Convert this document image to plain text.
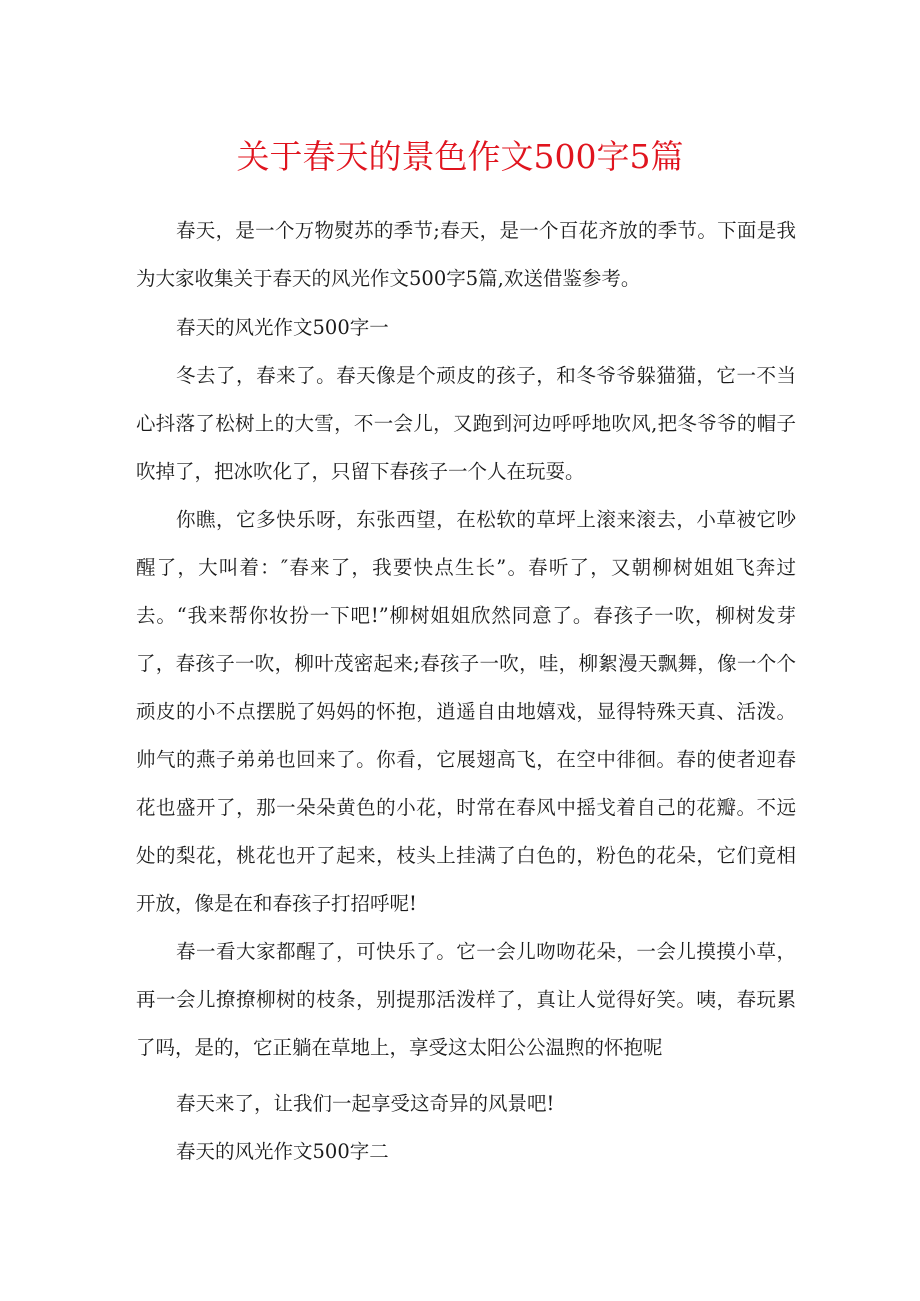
关于春天的景色作文500字5篇

春天，是一个万物熨苏的季节;春天，是一个百花齐放的季节。下面是我为大家收集关于春天的风光作文500字5篇,欢送借鉴参考。

春天的风光作文500字一

冬去了，春来了。春天像是个顽皮的孩子，和冬爷爷躲猫猫，它一不当心抖落了松树上的大雪，不一会儿，又跑到河边呼呼地吹风,把冬爷爷的帽子吹掉了，把冰吹化了，只留下春孩子一个人在玩耍。

你瞧，它多快乐呀，东张西望，在松软的草坪上滚来滚去，小草被它吵醒了，大叫着：″春来了，我要快点生长”。春听了，又朝柳树姐姐飞奔过去。“我来帮你妆扮一下吧!”柳树姐姐欣然同意了。春孩子一吹，柳树发芽了，春孩子一吹，柳叶茂密起来;春孩子一吹，哇，柳絮漫天飘舞，像一个个顽皮的小不点摆脱了妈妈的怀抱，逍遥自由地嬉戏，显得特殊天真、活泼。帅气的燕子弟弟也回来了。你看，它展翅高飞，在空中徘徊。春的使者迎春花也盛开了，那一朵朵黄色的小花，时常在春风中摇戈着自己的花瓣。不远处的梨花，桃花也开了起来，枝头上挂满了白色的，粉色的花朵，它们竟相开放，像是在和春孩子打招呼呢!

春一看大家都醒了，可快乐了。它一会儿吻吻花朵，一会儿摸摸小草，再一会儿撩撩柳树的枝条，别提那活泼样了，真让人觉得好笑。咦，春玩累了吗，是的，它正躺在草地上，享受这太阳公公温煦的怀抱呢

春天来了，让我们一起享受这奇异的风景吧!

春天的风光作文500字二
